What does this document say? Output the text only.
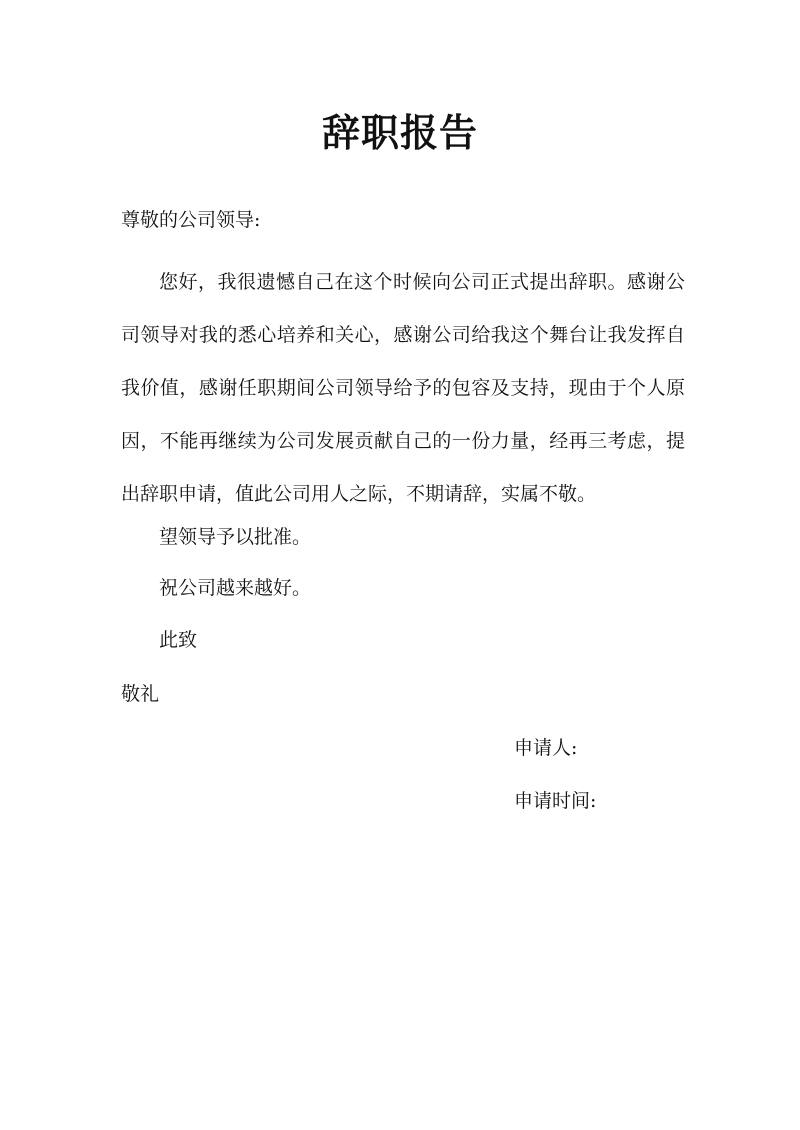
辞职报告

尊敬的公司领导:

您好，我很遗憾自己在这个时候向公司正式提出辞职。感谢公司领导对我的悉心培养和关心，感谢公司给我这个舞台让我发挥自我价值，感谢任职期间公司领导给予的包容及支持，现由于个人原因，不能再继续为公司发展贡献自己的一份力量，经再三考虑，提出辞职申请，值此公司用人之际，不期请辞，实属不敬。

望领导予以批准。

祝公司越来越好。

此致

敬礼

申请人:

申请时间:
